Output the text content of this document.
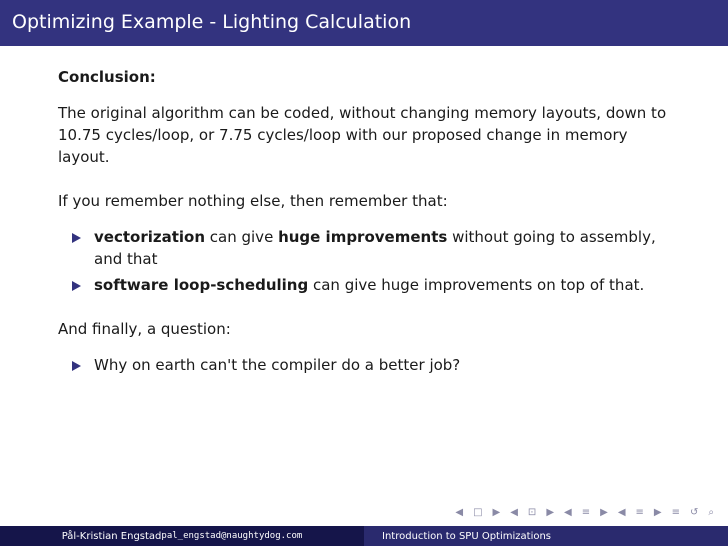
Optimizing Example - Lighting Calculation
Conclusion:
The original algorithm can be coded, without changing memory layouts, down to 10.75 cycles/loop, or 7.75 cycles/loop with our proposed change in memory layout.
If you remember nothing else, then remember that:
vectorization can give huge improvements without going to assembly, and that
software loop-scheduling can give huge improvements on top of that.
And finally, a question:
Why on earth can't the compiler do a better job?
◀ □ ▶ ◀ ⊡ ▶ ◀ ≡ ▶ ◀ ≡ ▶ ≡ ↺ ⌕
Pål-Kristian Engstad pal_engstad@naughtydog.com	Introduction to SPU Optimizations
